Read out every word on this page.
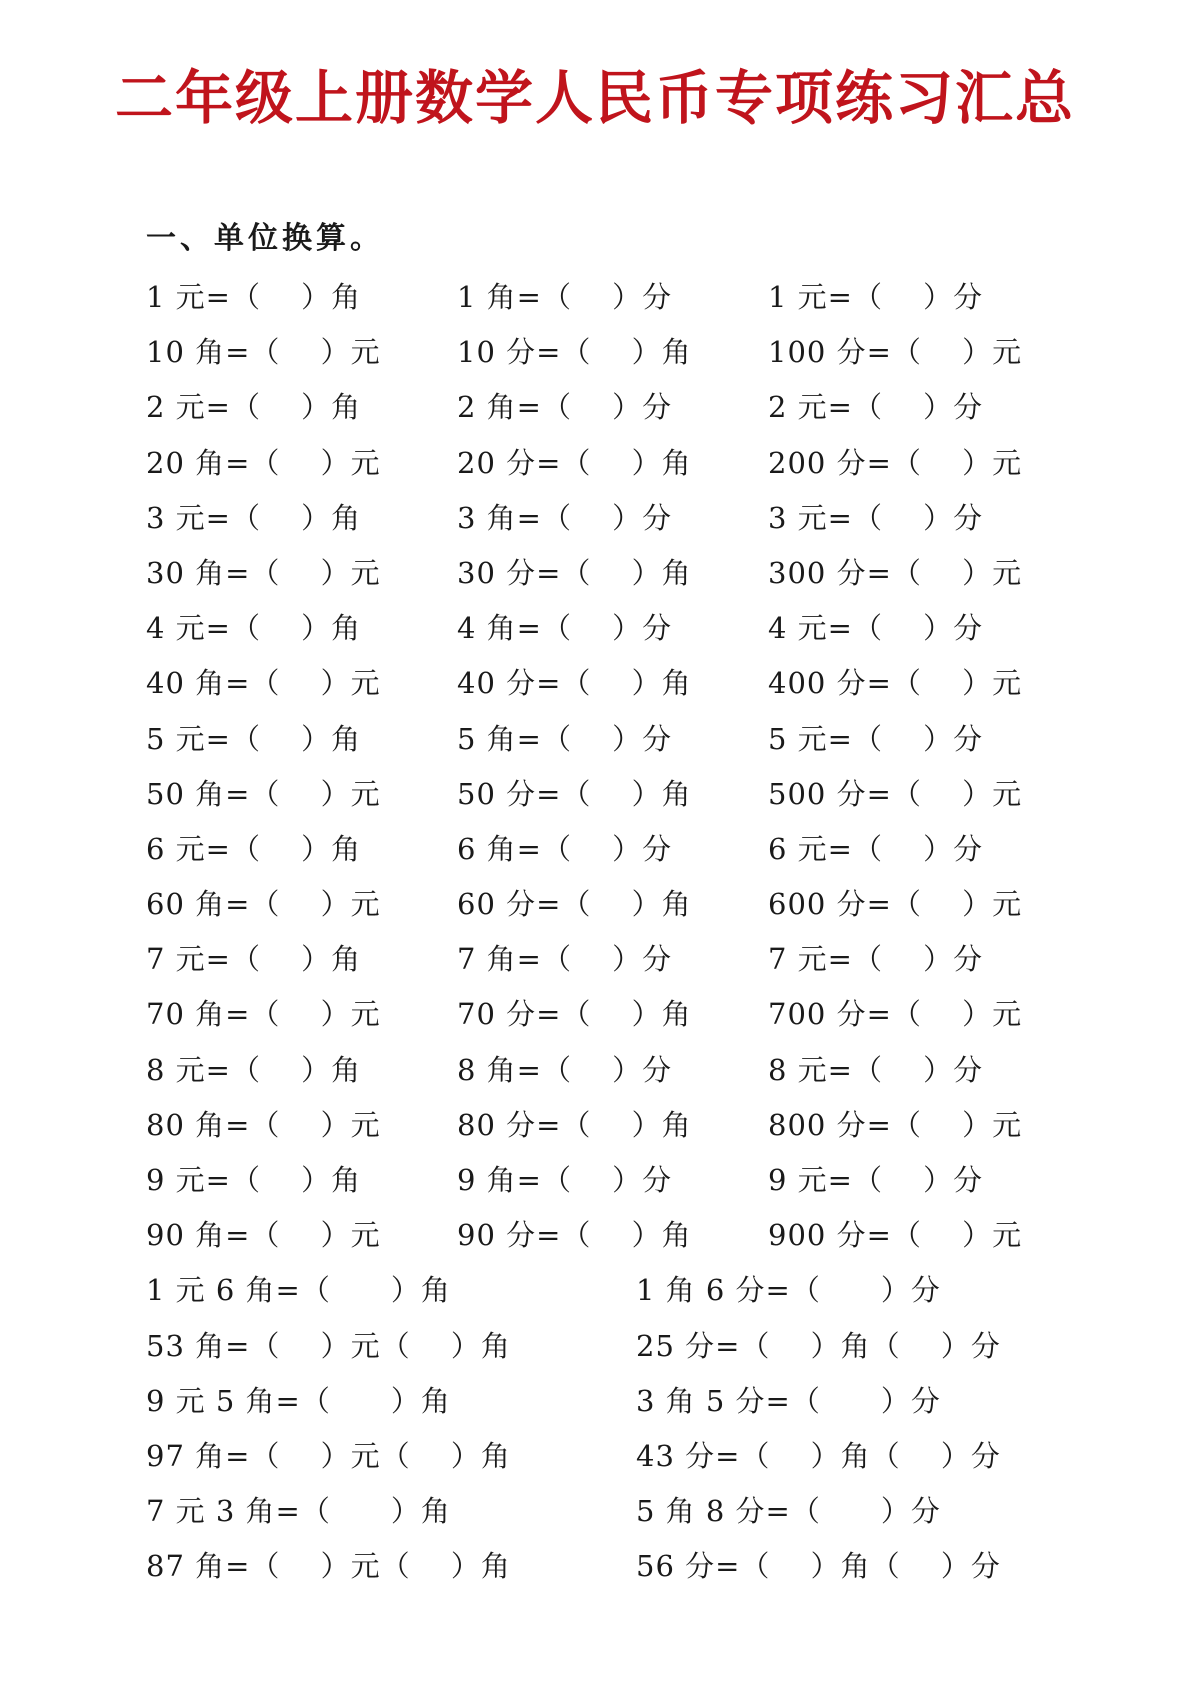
二年级上册数学人民币专项练习汇总
一、单位换算。
1 元=（　 ）角	1 角=（　 ）分	1 元=（　 ）分
10 角=（　 ）元	10 分=（　 ）角	100 分=（　 ）元
2 元=（　 ）角	2 角=（　 ）分	2 元=（　 ）分
20 角=（　 ）元	20 分=（　 ）角	200 分=（　 ）元
3 元=（　 ）角	3 角=（　 ）分	3 元=（　 ）分
30 角=（　 ）元	30 分=（　 ）角	300 分=（　 ）元
4 元=（　 ）角	4 角=（　 ）分	4 元=（　 ）分
40 角=（　 ）元	40 分=（　 ）角	400 分=（　 ）元
5 元=（　 ）角	5 角=（　 ）分	5 元=（　 ）分
50 角=（　 ）元	50 分=（　 ）角	500 分=（　 ）元
6 元=（　 ）角	6 角=（　 ）分	6 元=（　 ）分
60 角=（　 ）元	60 分=（　 ）角	600 分=（　 ）元
7 元=（　 ）角	7 角=（　 ）分	7 元=（　 ）分
70 角=（　 ）元	70 分=（　 ）角	700 分=（　 ）元
8 元=（　 ）角	8 角=（　 ）分	8 元=（　 ）分
80 角=（　 ）元	80 分=（　 ）角	800 分=（　 ）元
9 元=（　 ）角	9 角=（　 ）分	9 元=（　 ）分
90 角=（　 ）元	90 分=（　 ）角	900 分=（　 ）元
1 元 6 角=（　　）角	1 角 6 分=（　　）分
53 角=（　 ）元（　 ）角	25 分=（　 ）角（　 ）分
9 元 5 角=（　　）角	3 角 5 分=（　　）分
97 角=（　 ）元（　 ）角	43 分=（　 ）角（　 ）分
7 元 3 角=（　　）角	5 角 8 分=（　　）分
87 角=（　 ）元（　 ）角	56 分=（　 ）角（　 ）分
